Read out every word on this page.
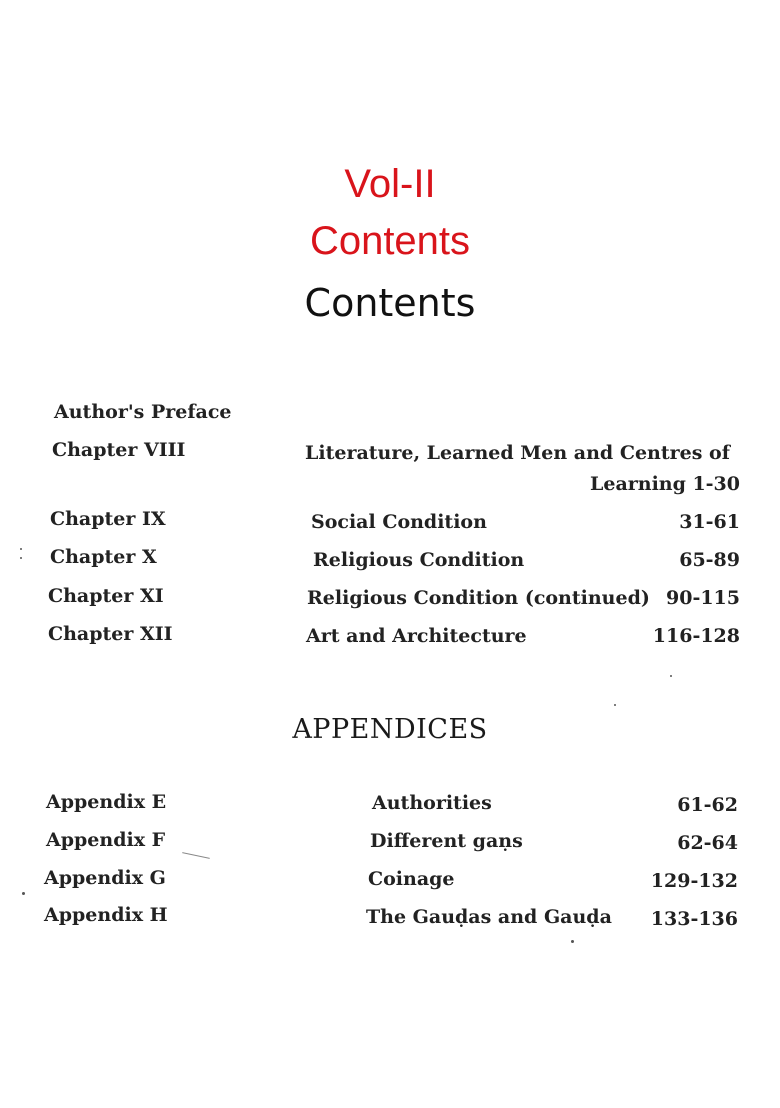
Vol-II
Contents
Contents
Author's Preface
Chapter VIII	Literature, Learned Men and Centres of
Learning 1-30
Chapter IX	Social Condition	31-61
Chapter X	Religious Condition	65-89
Chapter XI	Religious Condition (continued) 90-115
Chapter XII	Art and Architecture	116-128
APPENDICES
Appendix E	Authorities	61-62
Appendix F	Different gaṇs	62-64
Appendix G	Coinage	129-132
Appendix H	The Gauḍas and Gauḍa 133-136
